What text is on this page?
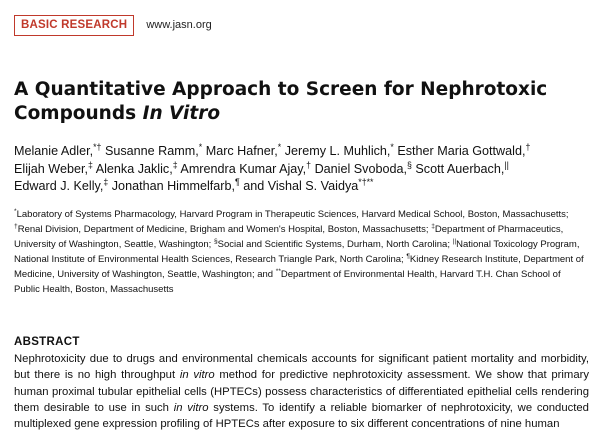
BASIC RESEARCH	www.jasn.org
A Quantitative Approach to Screen for Nephrotoxic Compounds In Vitro
Melanie Adler,*† Susanne Ramm,* Marc Hafner,* Jeremy L. Muhlich,* Esther Maria Gottwald,†
Elijah Weber,‡ Alenka Jaklic,‡ Amrendra Kumar Ajay,† Daniel Svoboda,§ Scott Auerbach,||
Edward J. Kelly,‡ Jonathan Himmelfarb,¶ and Vishal S. Vaidya*†**
*Laboratory of Systems Pharmacology, Harvard Program in Therapeutic Sciences, Harvard Medical School, Boston, Massachusetts; †Renal Division, Department of Medicine, Brigham and Women's Hospital, Boston, Massachusetts; ‡Department of Pharmaceutics, University of Washington, Seattle, Washington; §Social and Scientific Systems, Durham, North Carolina; ||National Toxicology Program, National Institute of Environmental Health Sciences, Research Triangle Park, North Carolina; ¶Kidney Research Institute, Department of Medicine, University of Washington, Seattle, Washington; and **Department of Environmental Health, Harvard T.H. Chan School of Public Health, Boston, Massachusetts
ABSTRACT
Nephrotoxicity due to drugs and environmental chemicals accounts for significant patient mortality and morbidity, but there is no high throughput in vitro method for predictive nephrotoxicity assessment. We show that primary human proximal tubular epithelial cells (HPTECs) possess characteristics of differentiated epithelial cells rendering them desirable to use in such in vitro systems. To identify a reliable biomarker of nephrotoxicity, we conducted multiplexed gene expression profiling of HPTECs after exposure to six different concentrations of nine human
